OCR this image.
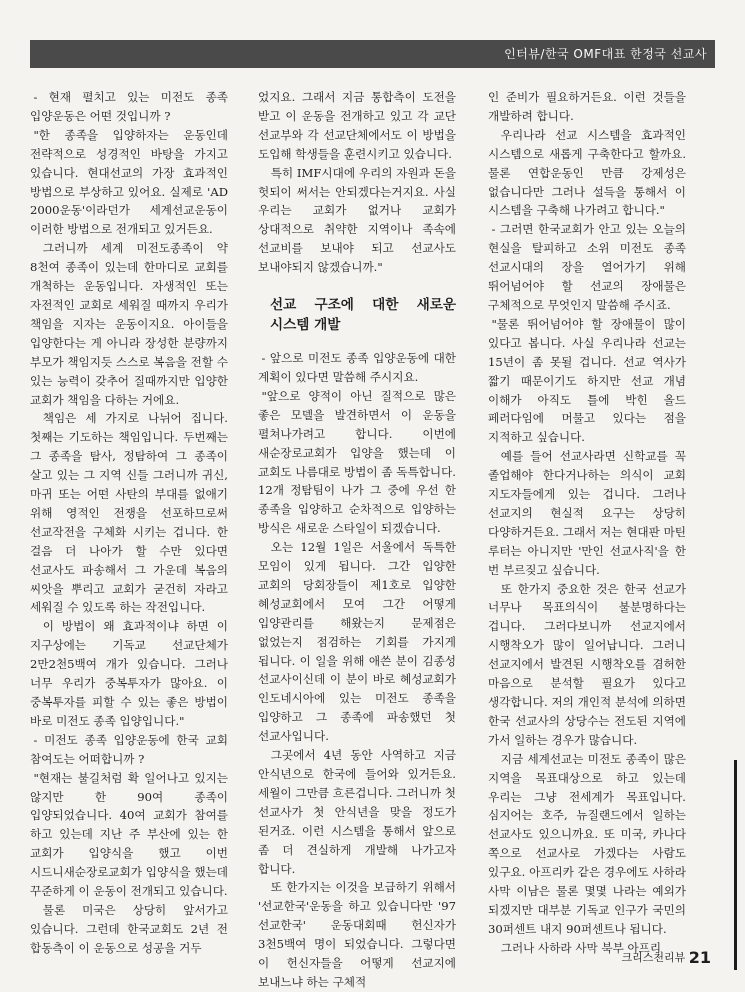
인터뷰/한국 OMF대표 한정국 선교사

- 현재 펼치고 있는 미전도 종족 입양운동은 어떤 것입니까 ?

"한 종족을 입양하자는 운동인데 전략적으로 성경적인 바탕을 가지고 있습니다. 현대선교의 가장 효과적인 방법으로 부상하고 있어요. 실제로 'AD 2000운동'이라던가 세계선교운동이 이러한 방법으로 전개되고 있거든요.

그러니까 세계 미전도종족이 약 8천여 종족이 있는데 한마디로 교회를 개척하는 운동입니다. 자생적인 또는 자전적인 교회로 세워질 때까지 우리가 책임을 지자는 운동이지요. 아이들을 입양한다는 게 아니라 장성한 분량까지 부모가 책임지듯 스스로 복음을 전할 수 있는 능력이 갖추어 질때까지만 입양한 교회가 책임을 다하는 거에요.

책임은 세 가지로 나뉘어 집니다. 첫째는 기도하는 책임입니다. 두번째는 그 종족을 탐사, 정탐하여 그 종족이 살고 있는 그 지역 신들 그러니까 귀신, 마귀 또는 어떤 사탄의 부대를 없애기 위해 영적인 전쟁을 선포하므로써 선교작전을 구체화 시키는 겁니다. 한 걸음 더 나아가 할 수만 있다면 선교사도 파송해서 그 가운데 복음의 씨앗을 뿌리고 교회가 굳건히 자라고 세워질 수 있도록 하는 작전입니다.

이 방법이 왜 효과적이냐 하면 이 지구상에는 기독교 선교단체가 2만2천5백여 개가 있습니다. 그러나 너무 우리가 중복투자가 많아요. 이 중복투자를 피할 수 있는 좋은 방법이 바로 미전도 종족 입양입니다."

- 미전도 종족 입양운동에 한국 교회 참여도는 어떠합니까 ?

"현재는 불길처럼 확 일어나고 있지는 않지만 한 90여 종족이 입양되었습니다. 40여 교회가 참여를 하고 있는데 지난 주 부산에 있는 한 교회가 입양식을 했고 이번 시드니새순장로교회가 입양식을 했는데 꾸준하게 이 운동이 전개되고 있습니다.

물론 미국은 상당히 앞서가고 있습니다. 그런데 한국교회도 2년 전 합동측이 이 운동으로 성공을 거두

었지요. 그래서 지금 통합측이 도전을 받고 이 운동을 전개하고 있고 각 교단 선교부와 각 선교단체에서도 이 방법을 도입해 학생들을 훈련시키고 있습니다.

특히 IMF시대에 우리의 자원과 돈을 헛되이 써서는 안되겠다는거지요. 사실 우리는 교회가 없거나 교회가 상대적으로 취약한 지역이나 족속에 선교비를 보내야 되고 선교사도 보내야되지 않겠습니까."

선교 구조에 대한 새로운 시스템 개발

- 앞으로 미전도 종족 입양운동에 대한 계획이 있다면 말씀해 주시지요.

"앞으로 양적이 아닌 질적으로 많은 좋은 모델을 발견하면서 이 운동을 펼쳐나가려고 합니다. 이번에 새순장로교회가 입양을 했는데 이 교회도 나름대로 방법이 좀 독특합니다. 12개 정탐팀이 나가 그 중에 우선 한 종족을 입양하고 순차적으로 입양하는 방식은 새로운 스타일이 되겠습니다.

오는 12월 1일은 서울에서 독특한 모임이 있게 됩니다. 그간 입양한 교회의 당회장들이 제1호로 입양한 혜성교회에서 모여 그간 어떻게 입양관리를 해왔는지 문제점은 없었는지 점검하는 기회를 가지게 됩니다. 이 일을 위해 애쓴 분이 김종성 선교사이신데 이 분이 바로 혜성교회가 인도네시아에 있는 미전도 종족을 입양하고 그 종족에 파송했던 첫 선교사입니다.

그곳에서 4년 동안 사역하고 지금 안식년으로 한국에 들어와 있거든요. 세월이 그만큼 흐른겁니다. 그러니까 첫 선교사가 첫 안식년을 맞을 정도가 된거죠. 이런 시스템을 통해서 앞으로 좀 더 견실하게 개발해 나가고자 합니다.

또 한가지는 이것을 보급하기 위해서 '선교한국'운동을 하고 있습니다만 '97 선교한국' 운동대회때 헌신자가 3천5백여 명이 되었습니다. 그렇다면 이 헌신자들을 어떻게 선교지에 보내느냐 하는 구체적

인 준비가 필요하거든요. 이런 것들을 개발하려 합니다.

우리나라 선교 시스템을 효과적인 시스템으로 새롭게 구축한다고 할까요. 물론 연합운동인 만큼 강제성은 없습니다만 그러나 설득을 통해서 이 시스템을 구축해 나가려고 합니다."

- 그러면 한국교회가 안고 있는 오늘의 현실을 탈피하고 소위 미전도 종족 선교시대의 장을 열어가기 위해 뛰어넘어야 할 선교의 장애물은 구체적으로 무엇인지 말씀해 주시죠.

"물론 뛰어넘어야 할 장애물이 많이 있다고 봅니다. 사실 우리나라 선교는 15년이 좀 못될 겁니다. 선교 역사가 짧기 때문이기도 하지만 선교 개념 이해가 아직도 틀에 박힌 올드 페러다임에 머물고 있다는 점을 지적하고 싶습니다.

예를 들어 선교사라면 신학교를 꼭 졸업해야 한다거나하는 의식이 교회 지도자들에게 있는 겁니다. 그러나 선교지의 현실적 요구는 상당히 다양하거든요. 그래서 저는 현대판 마틴 루터는 아니지만 '만인 선교사직'을 한 번 부르짖고 싶습니다.

또 한가지 중요한 것은 한국 선교가 너무나 목표의식이 불분명하다는 겁니다. 그러다보니까 선교지에서 시행착오가 많이 일어납니다. 그러니 선교지에서 발견된 시행착오를 겸허한 마음으로 분석할 필요가 있다고 생각합니다. 저의 개인적 분석에 의하면 한국 선교사의 상당수는 전도된 지역에 가서 일하는 경우가 많습니다.

지금 세계선교는 미전도 종족이 많은 지역을 목표대상으로 하고 있는데 우리는 그냥 전세계가 목표입니다. 심지어는 호주, 뉴질랜드에서 일하는 선교사도 있으니까요. 또 미국, 카나다 쪽으로 선교사로 가겠다는 사람도 있구요. 아프리카 같은 경우에도 사하라 사막 이남은 물론 몇몇 나라는 예외가 되겠지만 대부분 기독교 인구가 국민의 30퍼센트 내지 90퍼센트나 됩니다.

그러나 사하라 사막 북부 아프리

크리스천리뷰 21
